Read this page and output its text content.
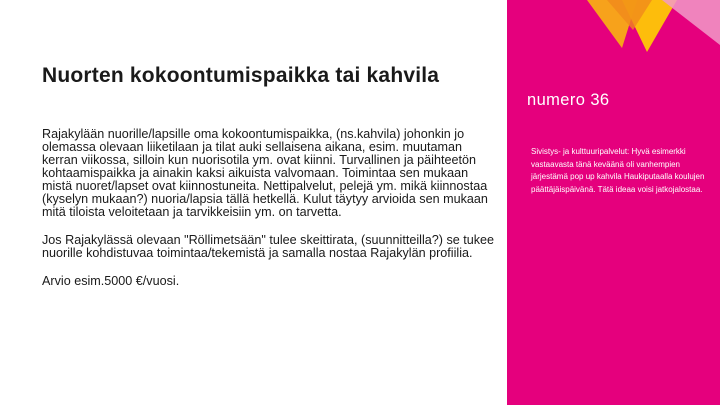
Nuorten kokoontumispaikka tai kahvila

Rajakylään nuorille/lapsille oma kokoontumispaikka, (ns.kahvila) johonkin jo olemassa olevaan liiketilaan ja tilat auki sellaisena aikana, esim. muutaman kerran viikossa, silloin kun nuorisotila ym. ovat kiinni. Turvallinen ja päihteetön kohtaamispaikka ja ainakin kaksi aikuista valvomaan. Toimintaa sen mukaan mistä nuoret/lapset ovat kiinnostuneita. Nettipalvelut, pelejä ym. mikä kiinnostaa (kyselyn mukaan?) nuoria/lapsia tällä hetkellä. Kulut täytyy arvioida sen mukaan mitä tiloista veloitetaan ja tarvikkeisiin ym. on tarvetta.

Jos Rajakylässä olevaan "Röllimetsään" tulee skeittirata, (suunnitteilla?) se tukee nuorille kohdistuvaa toimintaa/tekemistä ja samalla nostaa Rajakylän profiilia.

Arvio esim.5000 €/vuosi.

numero 36
Sivistys- ja kulttuuripalvelut: Hyvä esimerkki vastaavasta tänä keväänä oli vanhempien järjestämä pop up kahvila Haukiputaalla koulujen päättäjäispäivänä. Tätä ideaa voisi jatkojalostaa.
